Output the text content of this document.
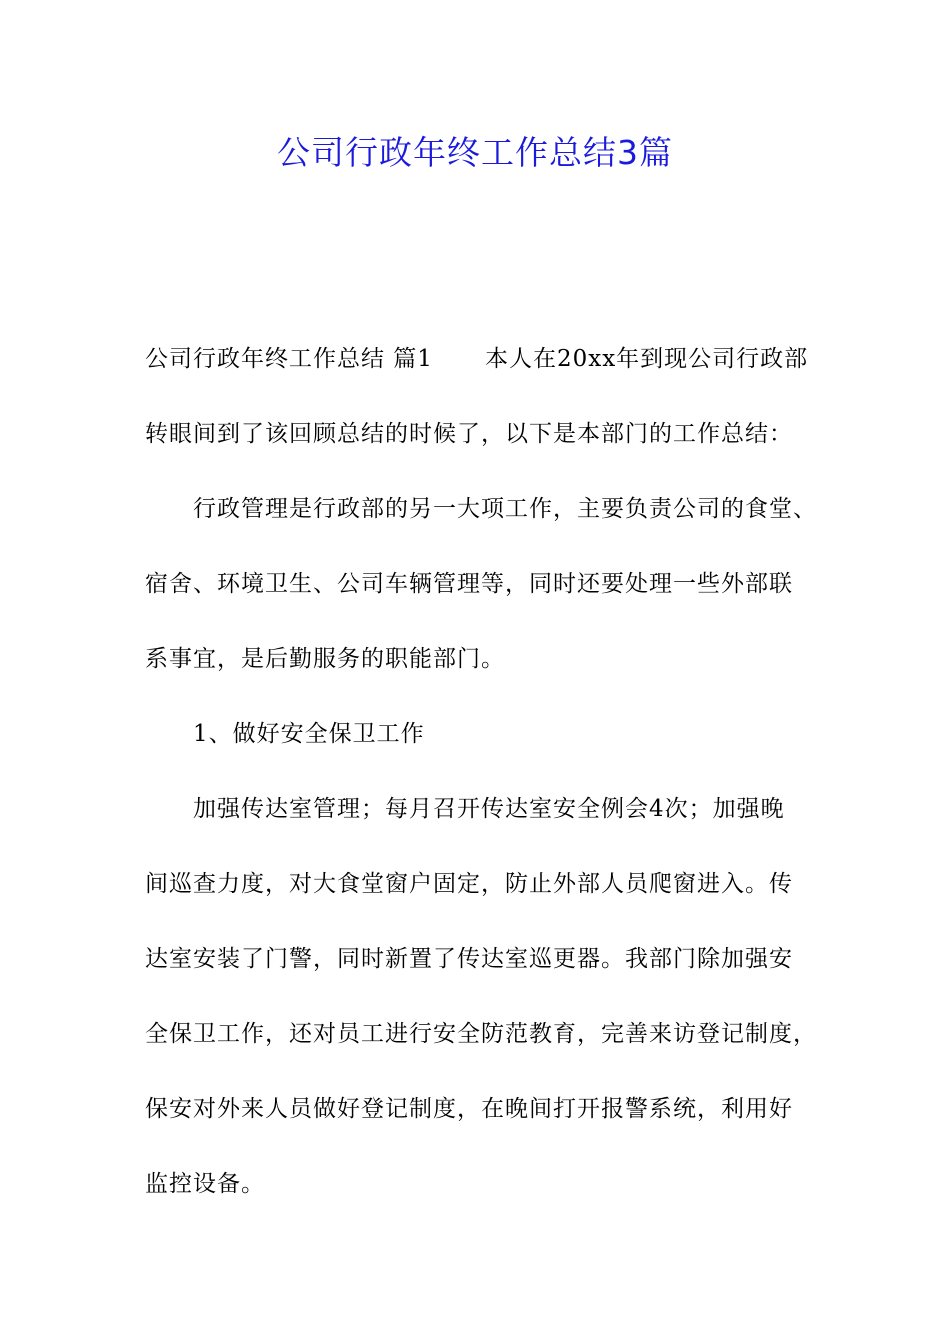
公司行政年终工作总结3篇

公司行政年终工作总结 篇1 本人在20xx年到现公司行政部

转眼间到了该回顾总结的时候了，以下是本部门的工作总结：

行政管理是行政部的另一大项工作，主要负责公司的食堂、

宿舍、环境卫生、公司车辆管理等，同时还要处理一些外部联

系事宜，是后勤服务的职能部门。

1、做好安全保卫工作

加强传达室管理；每月召开传达室安全例会4次；加强晚

间巡查力度，对大食堂窗户固定，防止外部人员爬窗进入。传

达室安装了门警，同时新置了传达室巡更器。我部门除加强安

全保卫工作，还对员工进行安全防范教育，完善来访登记制度，

保安对外来人员做好登记制度，在晚间打开报警系统，利用好

监控设备。
